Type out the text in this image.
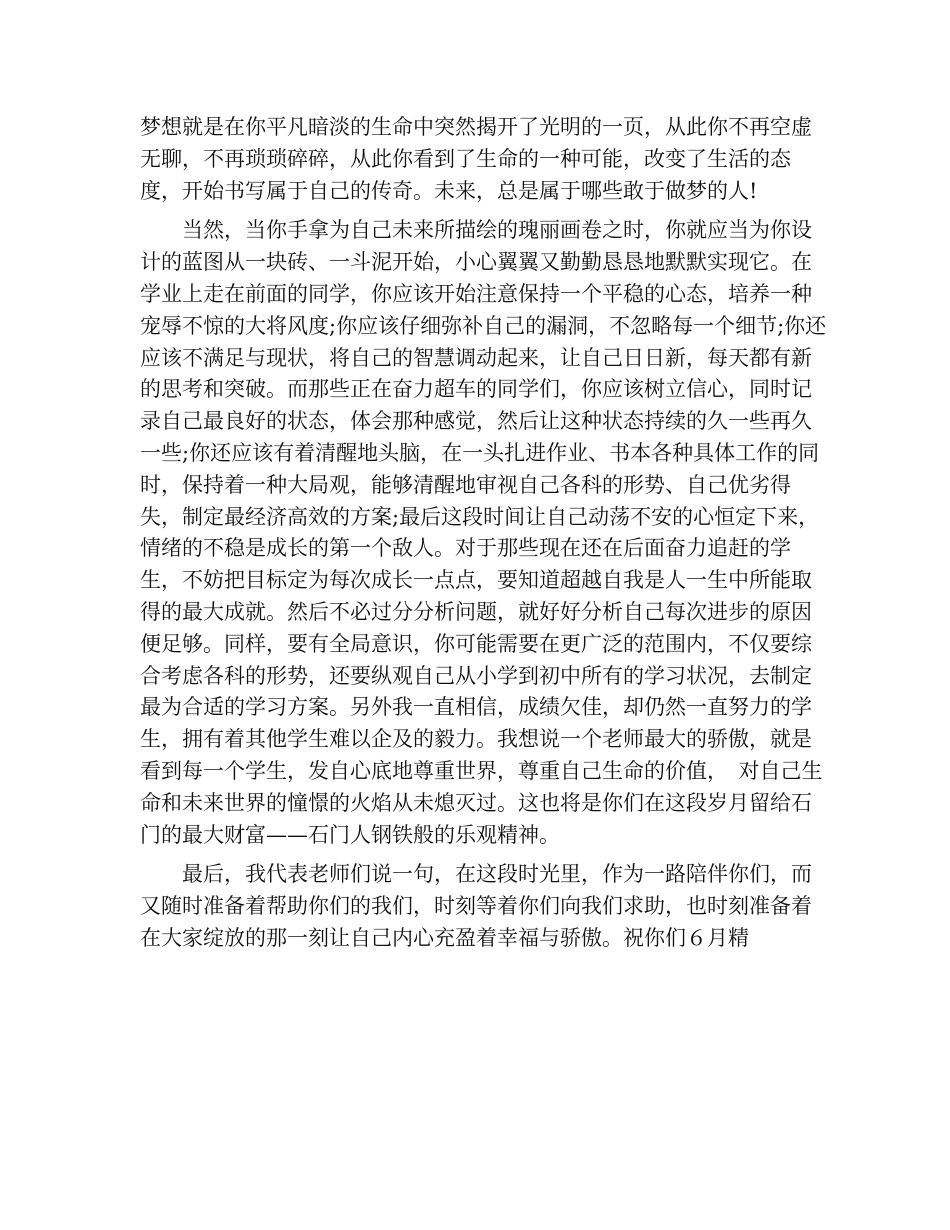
梦想就是在你平凡暗淡的生命中突然揭开了光明的一页，从此你不再空虚无聊，不再琐琐碎碎，从此你看到了生命的一种可能，改变了生活的态度，开始书写属于自己的传奇。未来，总是属于哪些敢于做梦的人!

　　当然，当你手拿为自己未来所描绘的瑰丽画卷之时，你就应当为你设计的蓝图从一块砖、一斗泥开始，小心翼翼又勤勤恳恳地默默实现它。在学业上走在前面的同学，你应该开始注意保持一个平稳的心态，培养一种宠辱不惊的大将风度;你应该仔细弥补自己的漏洞，不忽略每一个细节;你还应该不满足与现状，将自己的智慧调动起来，让自己日日新，每天都有新的思考和突破。而那些正在奋力超车的同学们，你应该树立信心，同时记录自己最良好的状态，体会那种感觉，然后让这种状态持续的久一些再久一些;你还应该有着清醒地头脑，在一头扎进作业、书本各种具体工作的同时，保持着一种大局观，能够清醒地审视自己各科的形势、自己优劣得失，制定最经济高效的方案;最后这段时间让自己动荡不安的心恒定下来，情绪的不稳是成长的第一个敌人。对于那些现在还在后面奋力追赶的学生，不妨把目标定为每次成长一点点，要知道超越自我是人一生中所能取得的最大成就。然后不必过分分析问题，就好好分析自己每次进步的原因便足够。同样，要有全局意识，你可能需要在更广泛的范围内，不仅要综合考虑各科的形势，还要纵观自己从小学到初中所有的学习状况，去制定最为合适的学习方案。另外我一直相信，成绩欠佳，却仍然一直努力的学生，拥有着其他学生难以企及的毅力。我想说一个老师最大的骄傲，就是看到每一个学生，发自心底地尊重世界，尊重自己生命的价值，　对自己生命和未来世界的憧憬的火焰从未熄灭过。这也将是你们在这段岁月留给石门的最大财富——石门人钢铁般的乐观精神。

　　最后，我代表老师们说一句，在这段时光里，作为一路陪伴你们，而又随时准备着帮助你们的我们，时刻等着你们向我们求助，也时刻准备着在大家绽放的那一刻让自己内心充盈着幸福与骄傲。祝你们６月精
